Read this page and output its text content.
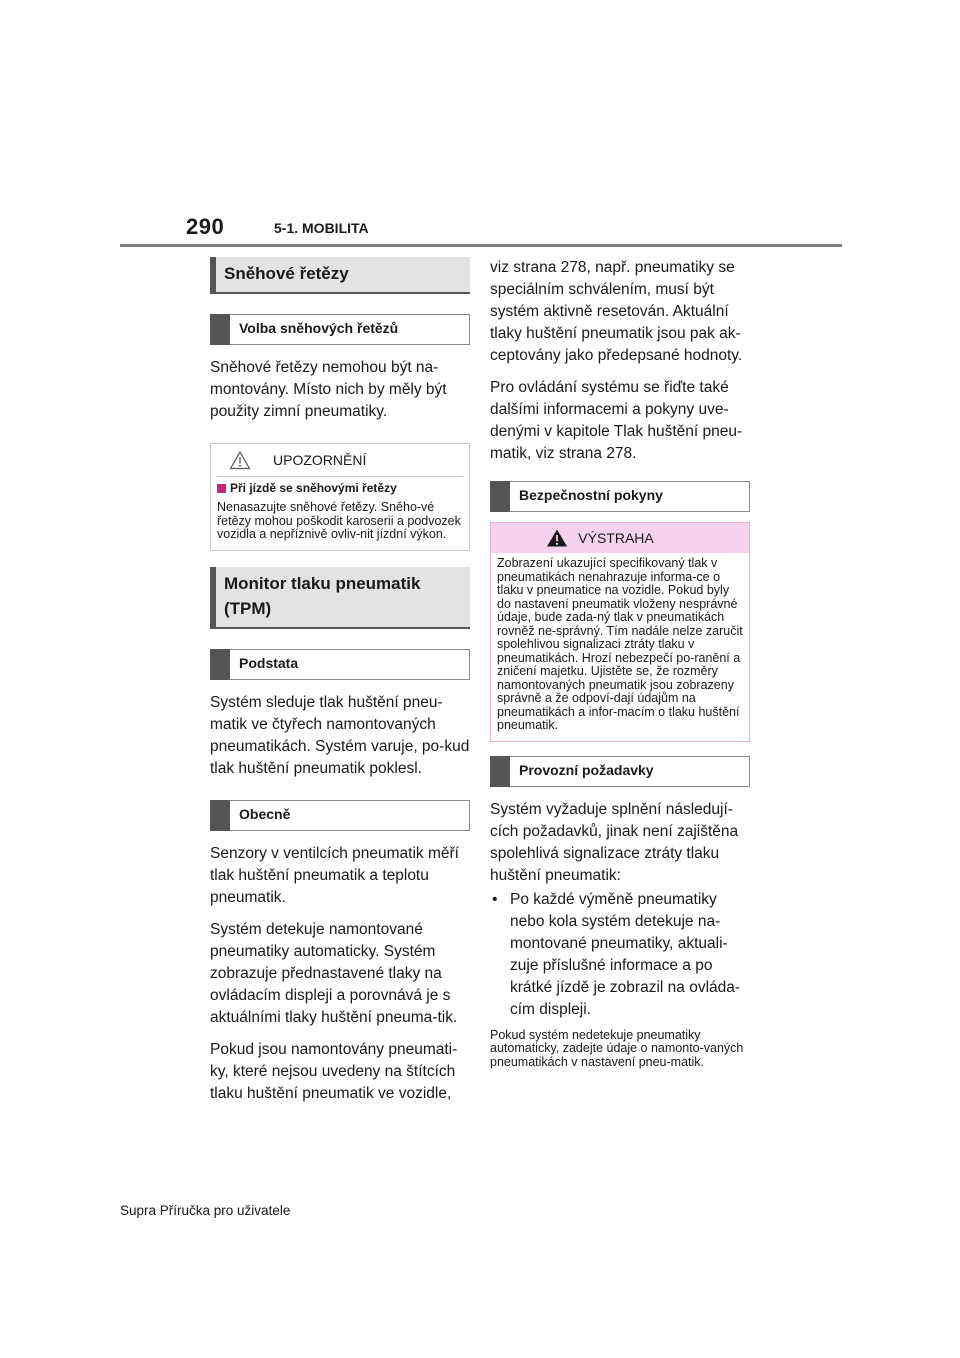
290	5-1. MOBILITA
Sněhové řetězy
Volba sněhových řetězů
Sněhové řetězy nemohou být na-montovány. Místo nich by měly být použity zimní pneumatiky.
UPOZORNĚNÍ
Při jízdě se sněhovými řetězy
Nenasazujte sněhové řetězy. Sněho-vé řetězy mohou poškodit karoserii a podvozek vozidla a nepříznivě ovliv-nit jízdní výkon.
Monitor tlaku pneumatik (TPM)
Podstata
Systém sleduje tlak huštění pneu-matik ve čtyřech namontovaných pneumatikách. Systém varuje, po-kud tlak huštění pneumatik poklesl.
Obecně
Senzory v ventilcích pneumatik měří tlak huštění pneumatik a teplotu pneumatik.
Systém detekuje namontované pneumatiky automaticky. Systém zobrazuje přednastavené tlaky na ovládacím displeji a porovnává je s aktuálními tlaky huštění pneuma-tik.
Pokud jsou namontovány pneumati-ky, které nejsou uvedeny na štítcích tlaku huštění pneumatik ve vozidle,
viz strana 278, např. pneumatiky se speciálním schválením, musí být systém aktivně resetován. Aktuální tlaky huštění pneumatik jsou pak ak-ceptovány jako předepsané hodnoty.
Pro ovládání systému se řiďte také dalšími informacemi a pokyny uve-denými v kapitole Tlak huštění pneu-matik, viz strana 278.
Bezpečnostní pokyny
VÝSTRAHA
Zobrazení ukazující specifikovaný tlak v pneumatikách nenahrazuje informa-ce o tlaku v pneumatice na vozidle. Pokud byly do nastavení pneumatik vloženy nesprávné údaje, bude zada-ný tlak v pneumatikách rovněž ne-správný. Tím nadále nelze zaručit spolehlivou signalizaci ztráty tlaku v pneumatikách. Hrozí nebezpečí po-ranění a zničení majetku. Ujistěte se, že rozměry namontovaných pneumatik jsou zobrazeny správně a že odpoví-dají údajům na pneumatikách a infor-macím o tlaku huštění pneumatik.
Provozní požadavky
Systém vyžaduje splnění následují-cích požadavků, jinak není zajištěna spolehlivá signalizace ztráty tlaku huštění pneumatik:
• Po každé výměně pneumatiky nebo kola systém detekuje na-montované pneumatiky, aktuali-zuje příslušné informace a po krátké jízdě je zobrazil na ovláda-cím displeji.
Pokud systém nedetekuje pneumatiky automaticky, zadejte údaje o namonto-vaných pneumatikách v nastavení pneu-matik.
Supra Příručka pro uživatele
